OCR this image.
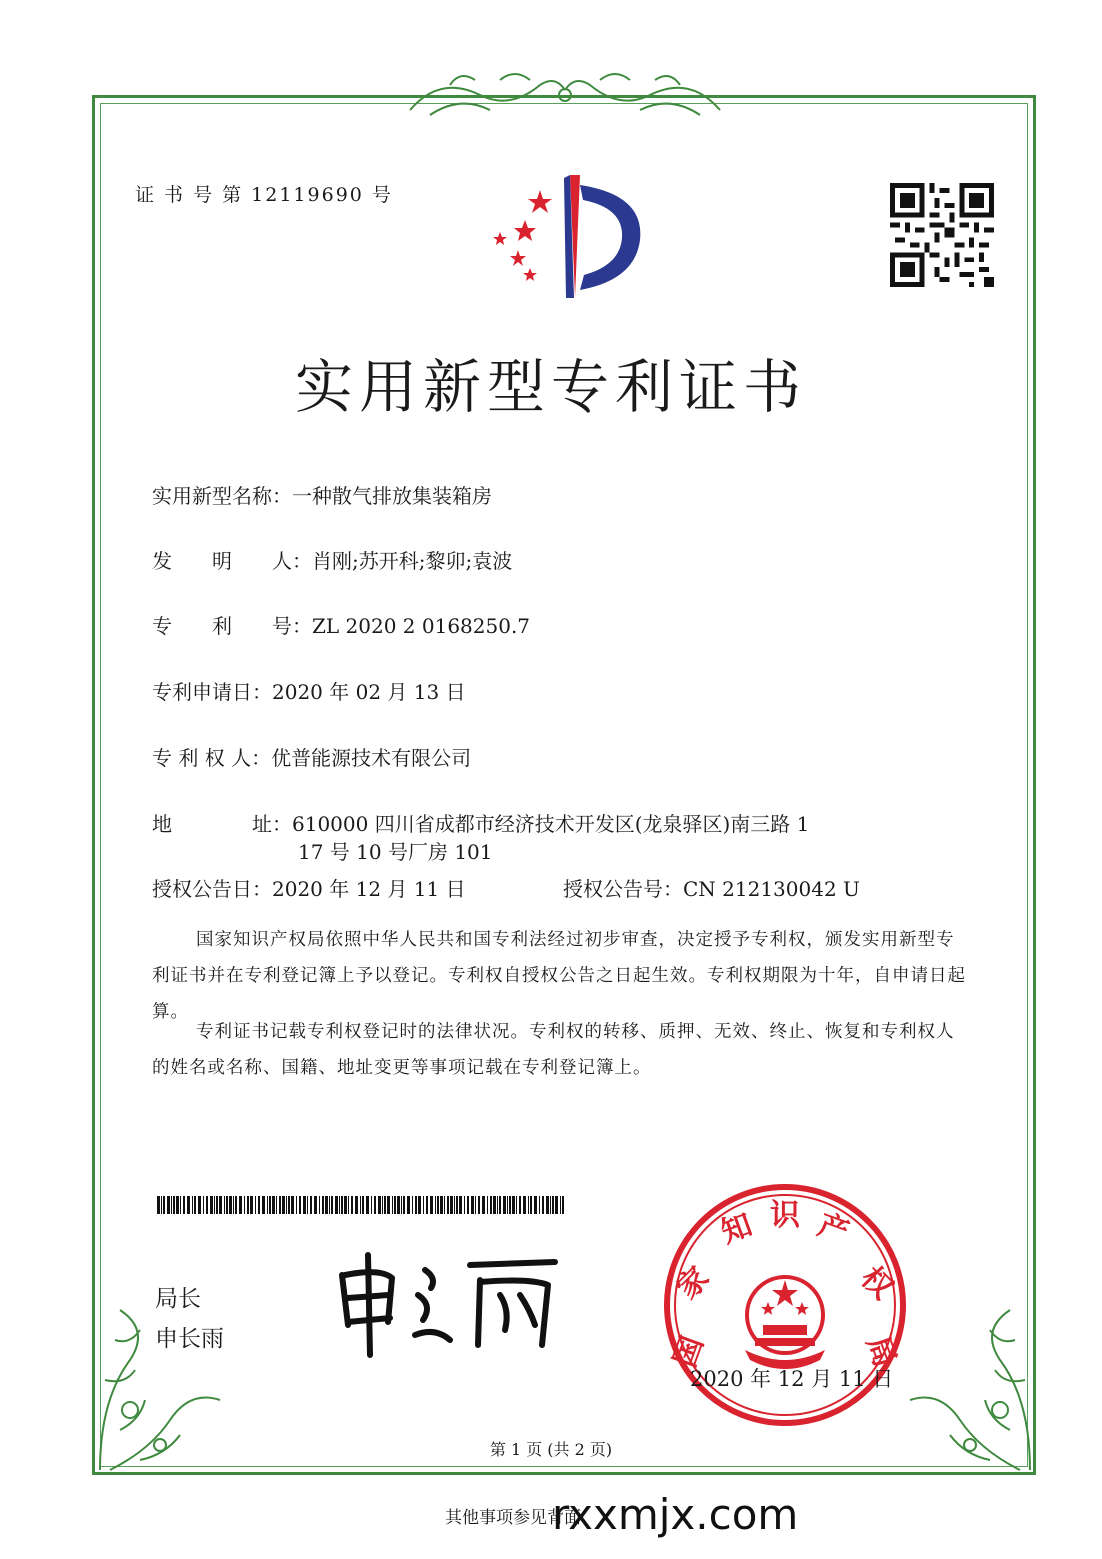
证 书 号 第 12119690 号
实用新型专利证书
实用新型名称：一种散气排放集装箱房
发　　明　　人：肖刚;苏开科;黎卯;袁波
专　　利　　号：ZL 2020 2 0168250.7
专利申请日：2020 年 02 月 13 日
专 利 权 人：优普能源技术有限公司
地　　　　址：610000 四川省成都市经济技术开发区(龙泉驿区)南三路 1
17 号 10 号厂房 101
授权公告日：2020 年 12 月 11 日	授权公告号：CN 212130042 U
国家知识产权局依照中华人民共和国专利法经过初步审查，决定授予专利权，颁发实用新型专利证书并在专利登记簿上予以登记。专利权自授权公告之日起生效。专利权期限为十年，自申请日起算。
专利证书记载专利权登记时的法律状况。专利权的转移、质押、无效、终止、恢复和专利权人的姓名或名称、国籍、地址变更等事项记载在专利登记簿上。
局长
申长雨	国
家
知 识 产
权
局
2020 年 12 月 11 日
第 1 页 (共 2 页)
其他事项参见背面
rxxmjx.com
